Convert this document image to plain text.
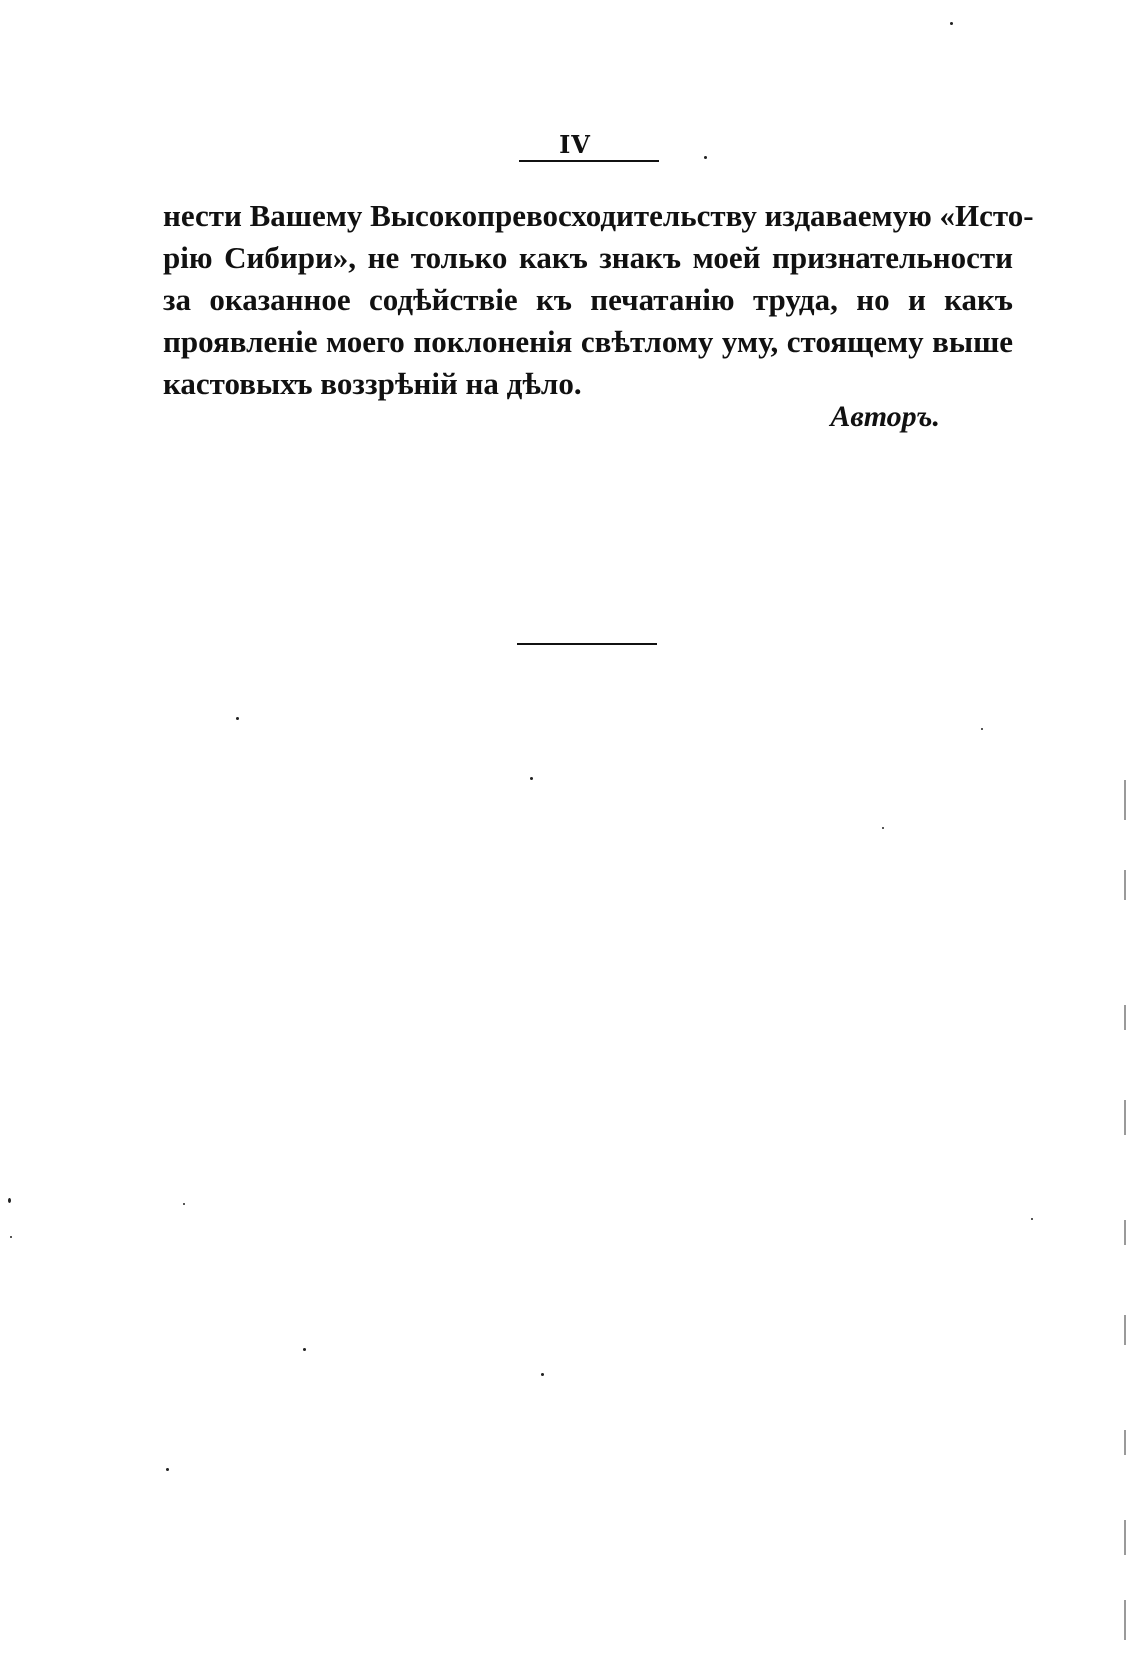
IV

нести Вашему Высокопревосходительству издаваемую «Исто-
рію Сибири», не только какъ знакъ моей признательности
за оказанное содѣйствіе къ печатанію труда, но и какъ
проявленіе моего поклоненія свѣтлому уму, стоящему выше
кастовыхъ воззрѣній на дѣло.

Авторъ.
